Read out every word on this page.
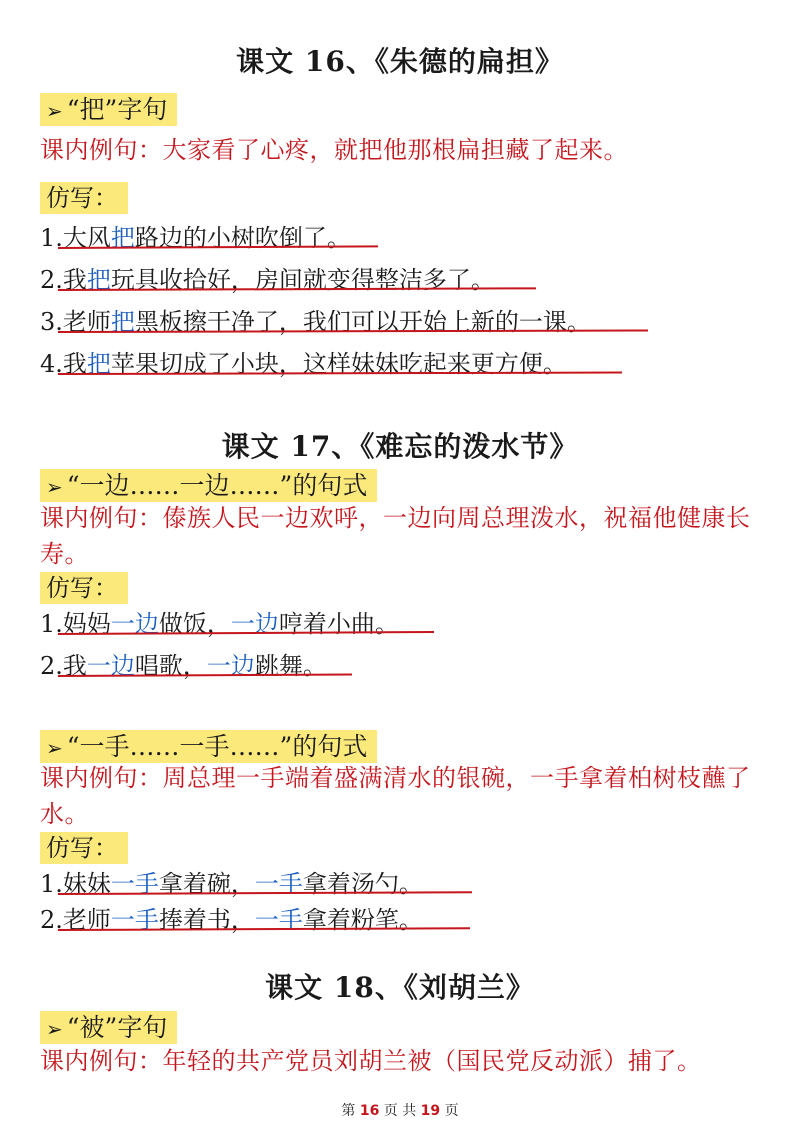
课文 16、《朱德的扁担》
➢ “把”字句
课内例句：大家看了心疼，就把他那根扁担藏了起来。
仿写：
1.大风把路边的小树吹倒了。
2.我把玩具收拾好，房间就变得整洁多了。
3.老师把黑板擦干净了，我们可以开始上新的一课。
4.我把苹果切成了小块，这样妹妹吃起来更方便。
课文 17、《难忘的泼水节》
➢ “一边……一边……”的句式
课内例句：傣族人民一边欢呼，一边向周总理泼水，祝福他健康长寿。
仿写：
1.妈妈一边做饭，一边哼着小曲。
2.我一边唱歌，一边跳舞。
➢ “一手……一手……”的句式
课内例句：周总理一手端着盛满清水的银碗，一手拿着柏树枝蘸了水。
仿写：
1.妹妹一手拿着碗，一手拿着汤勺。
2.老师一手捧着书，一手拿着粉笔。
课文 18、《刘胡兰》
➢ “被”字句
课内例句：年轻的共产党员刘胡兰被（国民党反动派）捕了。
第 16 页 共 19 页
